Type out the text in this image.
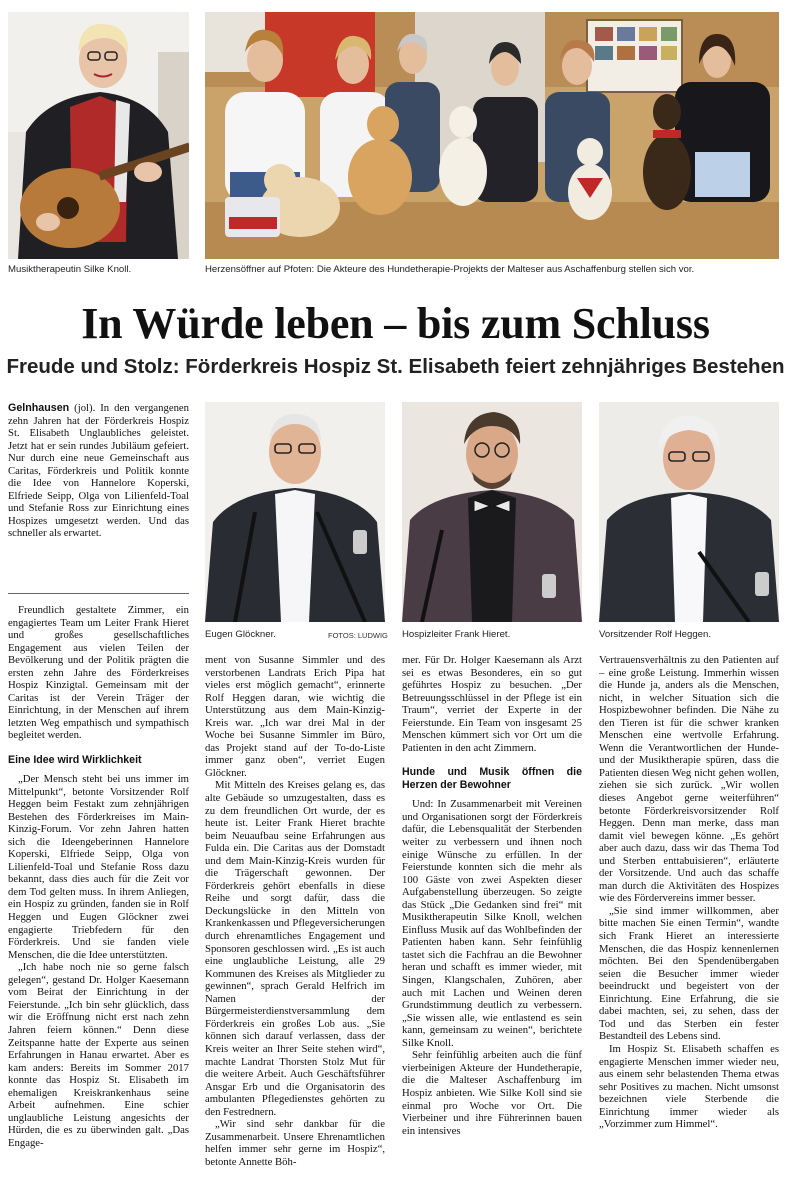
Musiktherapeutin Silke Knoll.	Herzensöffner auf Pfoten: Die Akteure des Hundetherapie-Projekts der Malteser aus Aschaffenburg stellen sich vor.
In Würde leben – bis zum Schluss
Freude und Stolz: Förderkreis Hospiz St. Elisabeth feiert zehnjähriges Bestehen
Eugen Glöckner.	FOTOS: LUDWIG Hospizleiter Frank Hieret.	Vorsitzender Rolf Heggen.

Gelnhausen (jol). In den vergangenen zehn Jahren hat der Förderkreis Hospiz St. Elisabeth Unglaubliches geleistet. Jetzt hat er sein rundes Jubiläum gefeiert. Nur durch eine neue Gemeinschaft aus Caritas, Förderkreis und Politik konnte die Idee von Hannelore Koperski, Elfriede Seipp, Olga von Lilienfeld-Toal und Stefanie Ross zur Einrichtung eines Hospizes umgesetzt werden. Und das schneller als erwartet.

Freundlich gestaltete Zimmer, ein engagiertes Team um Leiter Frank Hieret und großes gesellschaftliches Engagement aus vielen Teilen der Bevölkerung und der Politik prägten die ersten zehn Jahre des Förderkreises Hospiz Kinzigtal. Gemeinsam mit der Caritas ist der Verein Träger der Einrichtung, in der Menschen auf ihrem letzten Weg empathisch und sympathisch begleitet werden.

Eine Idee wird Wirklichkeit

„Der Mensch steht bei uns immer im Mittelpunkt“, betonte Vorsitzender Rolf Heggen beim Festakt zum zehnjährigen Bestehen des Förderkreises im Main-Kinzig-Forum. Vor zehn Jahren hatten sich die Ideengeberinnen Hannelore Koperski, Elfriede Seipp, Olga von Lilienfeld-Toal und Stefanie Ross dazu bekannt, dass dies auch für die Zeit vor dem Tod gelten muss. In ihrem Anliegen, ein Hospiz zu gründen, fanden sie in Rolf Heggen und Eugen Glöckner zwei engagierte Triebfedern für den Förderkreis. Und sie fanden viele Menschen, die die Idee unterstützten.

„Ich habe noch nie so gerne falsch gelegen“, gestand Dr. Holger Kaesemann vom Beirat der Einrichtung in der Feierstunde. „Ich bin sehr glücklich, dass wir die Eröffnung nicht erst nach zehn Jahren feiern können.“ Denn diese Zeitspanne hatte der Experte aus seinen Erfahrungen in Hanau erwartet. Aber es kam anders: Bereits im Sommer 2017 konnte das Hospiz St. Elisabeth im ehemaligen Kreiskrankenhaus seine Arbeit aufnehmen. Eine schier unglaubliche Leistung angesichts der Hürden, die es zu überwinden galt. „Das Engage-

ment von Susanne Simmler und des verstorbenen Landrats Erich Pipa hat vieles erst möglich gemacht“, erinnerte Rolf Heggen daran, wie wichtig die Unterstützung aus dem Main-Kinzig-Kreis war. „Ich war drei Mal in der Woche bei Susanne Simmler im Büro, das Projekt stand auf der To-do-Liste immer ganz oben“, verriet Eugen Glöckner.

Mit Mitteln des Kreises gelang es, das alte Gebäude so umzugestalten, dass es zu dem freundlichen Ort wurde, der es heute ist. Leiter Frank Hieret brachte beim Neuaufbau seine Erfahrungen aus Fulda ein. Die Caritas aus der Domstadt und dem Main-Kinzig-Kreis wurden für die Trägerschaft gewonnen. Der Förderkreis gehört ebenfalls in diese Reihe und sorgt dafür, dass die Deckungslücke in den Mitteln von Krankenkassen und Pflegeversicherungen durch ehrenamtliches Engagement und Sponsoren geschlossen wird. „Es ist auch eine unglaubliche Leistung, alle 29 Kommunen des Kreises als Mitglieder zu gewinnen“, sprach Gerald Helfrich im Namen der Bürgermeisterdienstversammlung dem Förderkreis ein großes Lob aus. „Sie können sich darauf verlassen, dass der Kreis weiter an Ihrer Seite stehen wird“, machte Landrat Thorsten Stolz Mut für die weitere Arbeit. Auch Geschäftsführer Ansgar Erb und die Organisatorin des ambulanten Pflegedienstes gehörten zu den Festrednern.

„Wir sind sehr dankbar für die Zusammenarbeit. Unsere Ehrenamtlichen helfen immer sehr gerne im Hospiz“, betonte Annette Böh-

mer. Für Dr. Holger Kaesemann als Arzt sei es etwas Besonderes, ein so gut geführtes Hospiz zu besuchen. „Der Betreuungsschlüssel in der Pflege ist ein Traum“, verriet der Experte in der Feierstunde. Ein Team von insgesamt 25 Menschen kümmert sich vor Ort um die Patienten in den acht Zimmern.

Hunde und Musik öffnen die Herzen der Bewohner

Und: In Zusammenarbeit mit Vereinen und Organisationen sorgt der Förderkreis dafür, die Lebensqualität der Sterbenden weiter zu verbessern und ihnen noch einige Wünsche zu erfüllen. In der Feierstunde konnten sich die mehr als 100 Gäste von zwei Aspekten dieser Aufgabenstellung überzeugen. So zeigte das Stück „Die Gedanken sind frei“ mit Musiktherapeutin Silke Knoll, welchen Einfluss Musik auf das Wohlbefinden der Patienten haben kann. Sehr feinfühlig tastet sich die Fachfrau an die Bewohner heran und schafft es immer wieder, mit Singen, Klangschalen, Zuhören, aber auch mit Lachen und Weinen deren Grundstimmung deutlich zu verbessern. „Sie wissen alle, wie entlastend es sein kann, gemeinsam zu weinen“, berichtete Silke Knoll.

Sehr feinfühlig arbeiten auch die fünf vierbeinigen Akteure der Hundetherapie, die die Malteser Aschaffenburg im Hospiz anbieten. Wie Silke Koll sind sie einmal pro Woche vor Ort. Die Vierbeiner und ihre Führerinnen bauen ein intensives

Vertrauensverhältnis zu den Patienten auf – eine große Leistung. Immerhin wissen die Hunde ja, anders als die Menschen, nicht, in welcher Situation sich die Hospizbewohner befinden. Die Nähe zu den Tieren ist für die schwer kranken Menschen eine wertvolle Erfahrung. Wenn die Verantwortlichen der Hunde- und der Musiktherapie spüren, dass die Patienten diesen Weg nicht gehen wollen, ziehen sie sich zurück. „Wir wollen dieses Angebot gerne weiterführen“ betonte Förderkreisvorsitzender Rolf Heggen. Denn man merke, dass man damit viel bewegen könne. „Es gehört aber auch dazu, dass wir das Thema Tod und Sterben enttabuisieren“, erläuterte der Vorsitzende. Und auch das schaffe man durch die Aktivitäten des Hospizes wie des Fördervereins immer besser.

„Sie sind immer willkommen, aber bitte machen Sie einen Termin“, wandte sich Frank Hieret an interessierte Menschen, die das Hospiz kennenlernen möchten. Bei den Spendenübergaben seien die Besucher immer wieder beeindruckt und begeistert von der Einrichtung. Eine Erfahrung, die sie dabei machten, sei, zu sehen, dass der Tod und das Sterben ein fester Bestandteil des Lebens sind.

Im Hospiz St. Elisabeth schaffen es engagierte Menschen immer wieder neu, aus einem sehr belastenden Thema etwas sehr Positives zu machen. Nicht umsonst bezeichnen viele Sterbende die Einrichtung immer wieder als „Vorzimmer zum Himmel“.
